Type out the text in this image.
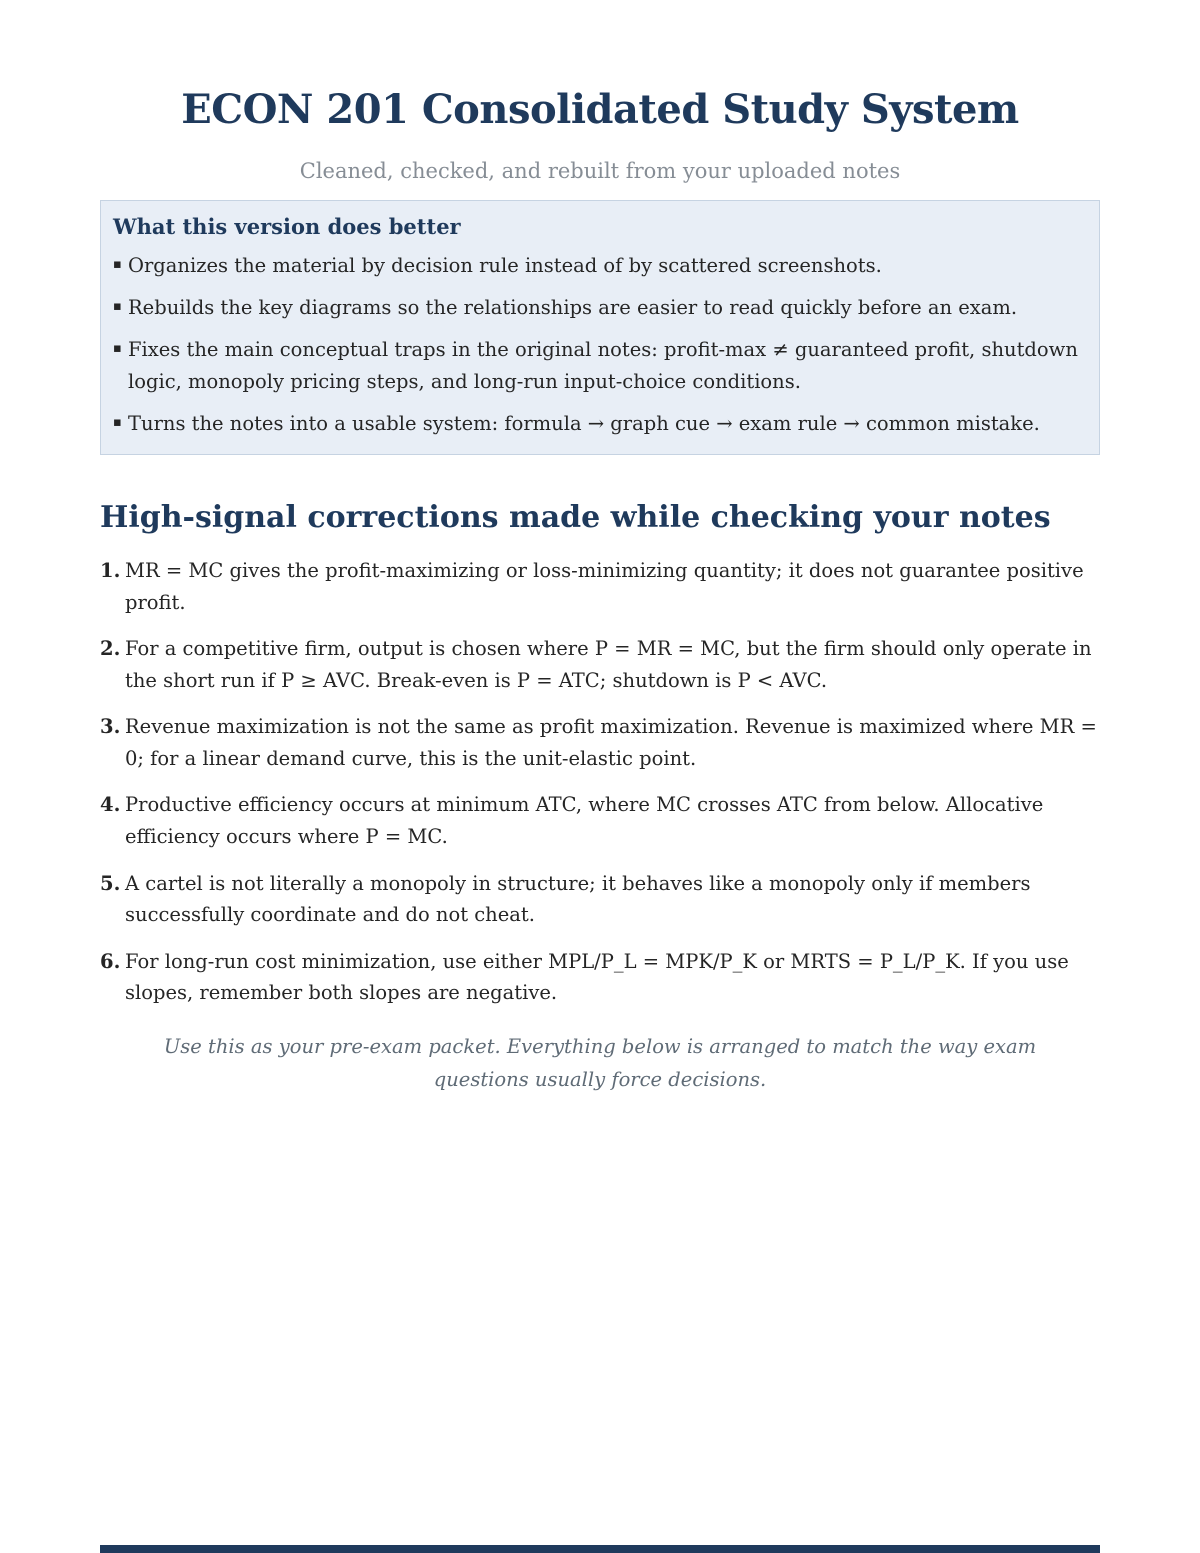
ECON 201 Consolidated Study System
Cleaned, checked, and rebuilt from your uploaded notes
What this version does better
▪ Organizes the material by decision rule instead of by scattered screenshots.
▪ Rebuilds the key diagrams so the relationships are easier to read quickly before an exam.
▪ Fixes the main conceptual traps in the original notes: profit-max ≠ guaranteed profit, shutdown logic, monopoly pricing steps, and long-run input-choice conditions.
▪ Turns the notes into a usable system: formula → graph cue → exam rule → common mistake.
High-signal corrections made while checking your notes
1. MR = MC gives the profit-maximizing or loss-minimizing quantity; it does not guarantee positive profit.
2. For a competitive firm, output is chosen where P = MR = MC, but the firm should only operate in the short run if P ≥ AVC. Break-even is P = ATC; shutdown is P < AVC.
3. Revenue maximization is not the same as profit maximization. Revenue is maximized where MR = 0; for a linear demand curve, this is the unit-elastic point.
4. Productive efficiency occurs at minimum ATC, where MC crosses ATC from below. Allocative efficiency occurs where P = MC.
5. A cartel is not literally a monopoly in structure; it behaves like a monopoly only if members successfully coordinate and do not cheat.
6. For long-run cost minimization, use either MPL/P_L = MPK/P_K or MRTS = P_L/P_K. If you use slopes, remember both slopes are negative.
Use this as your pre-exam packet. Everything below is arranged to match the way exam questions usually force decisions.
